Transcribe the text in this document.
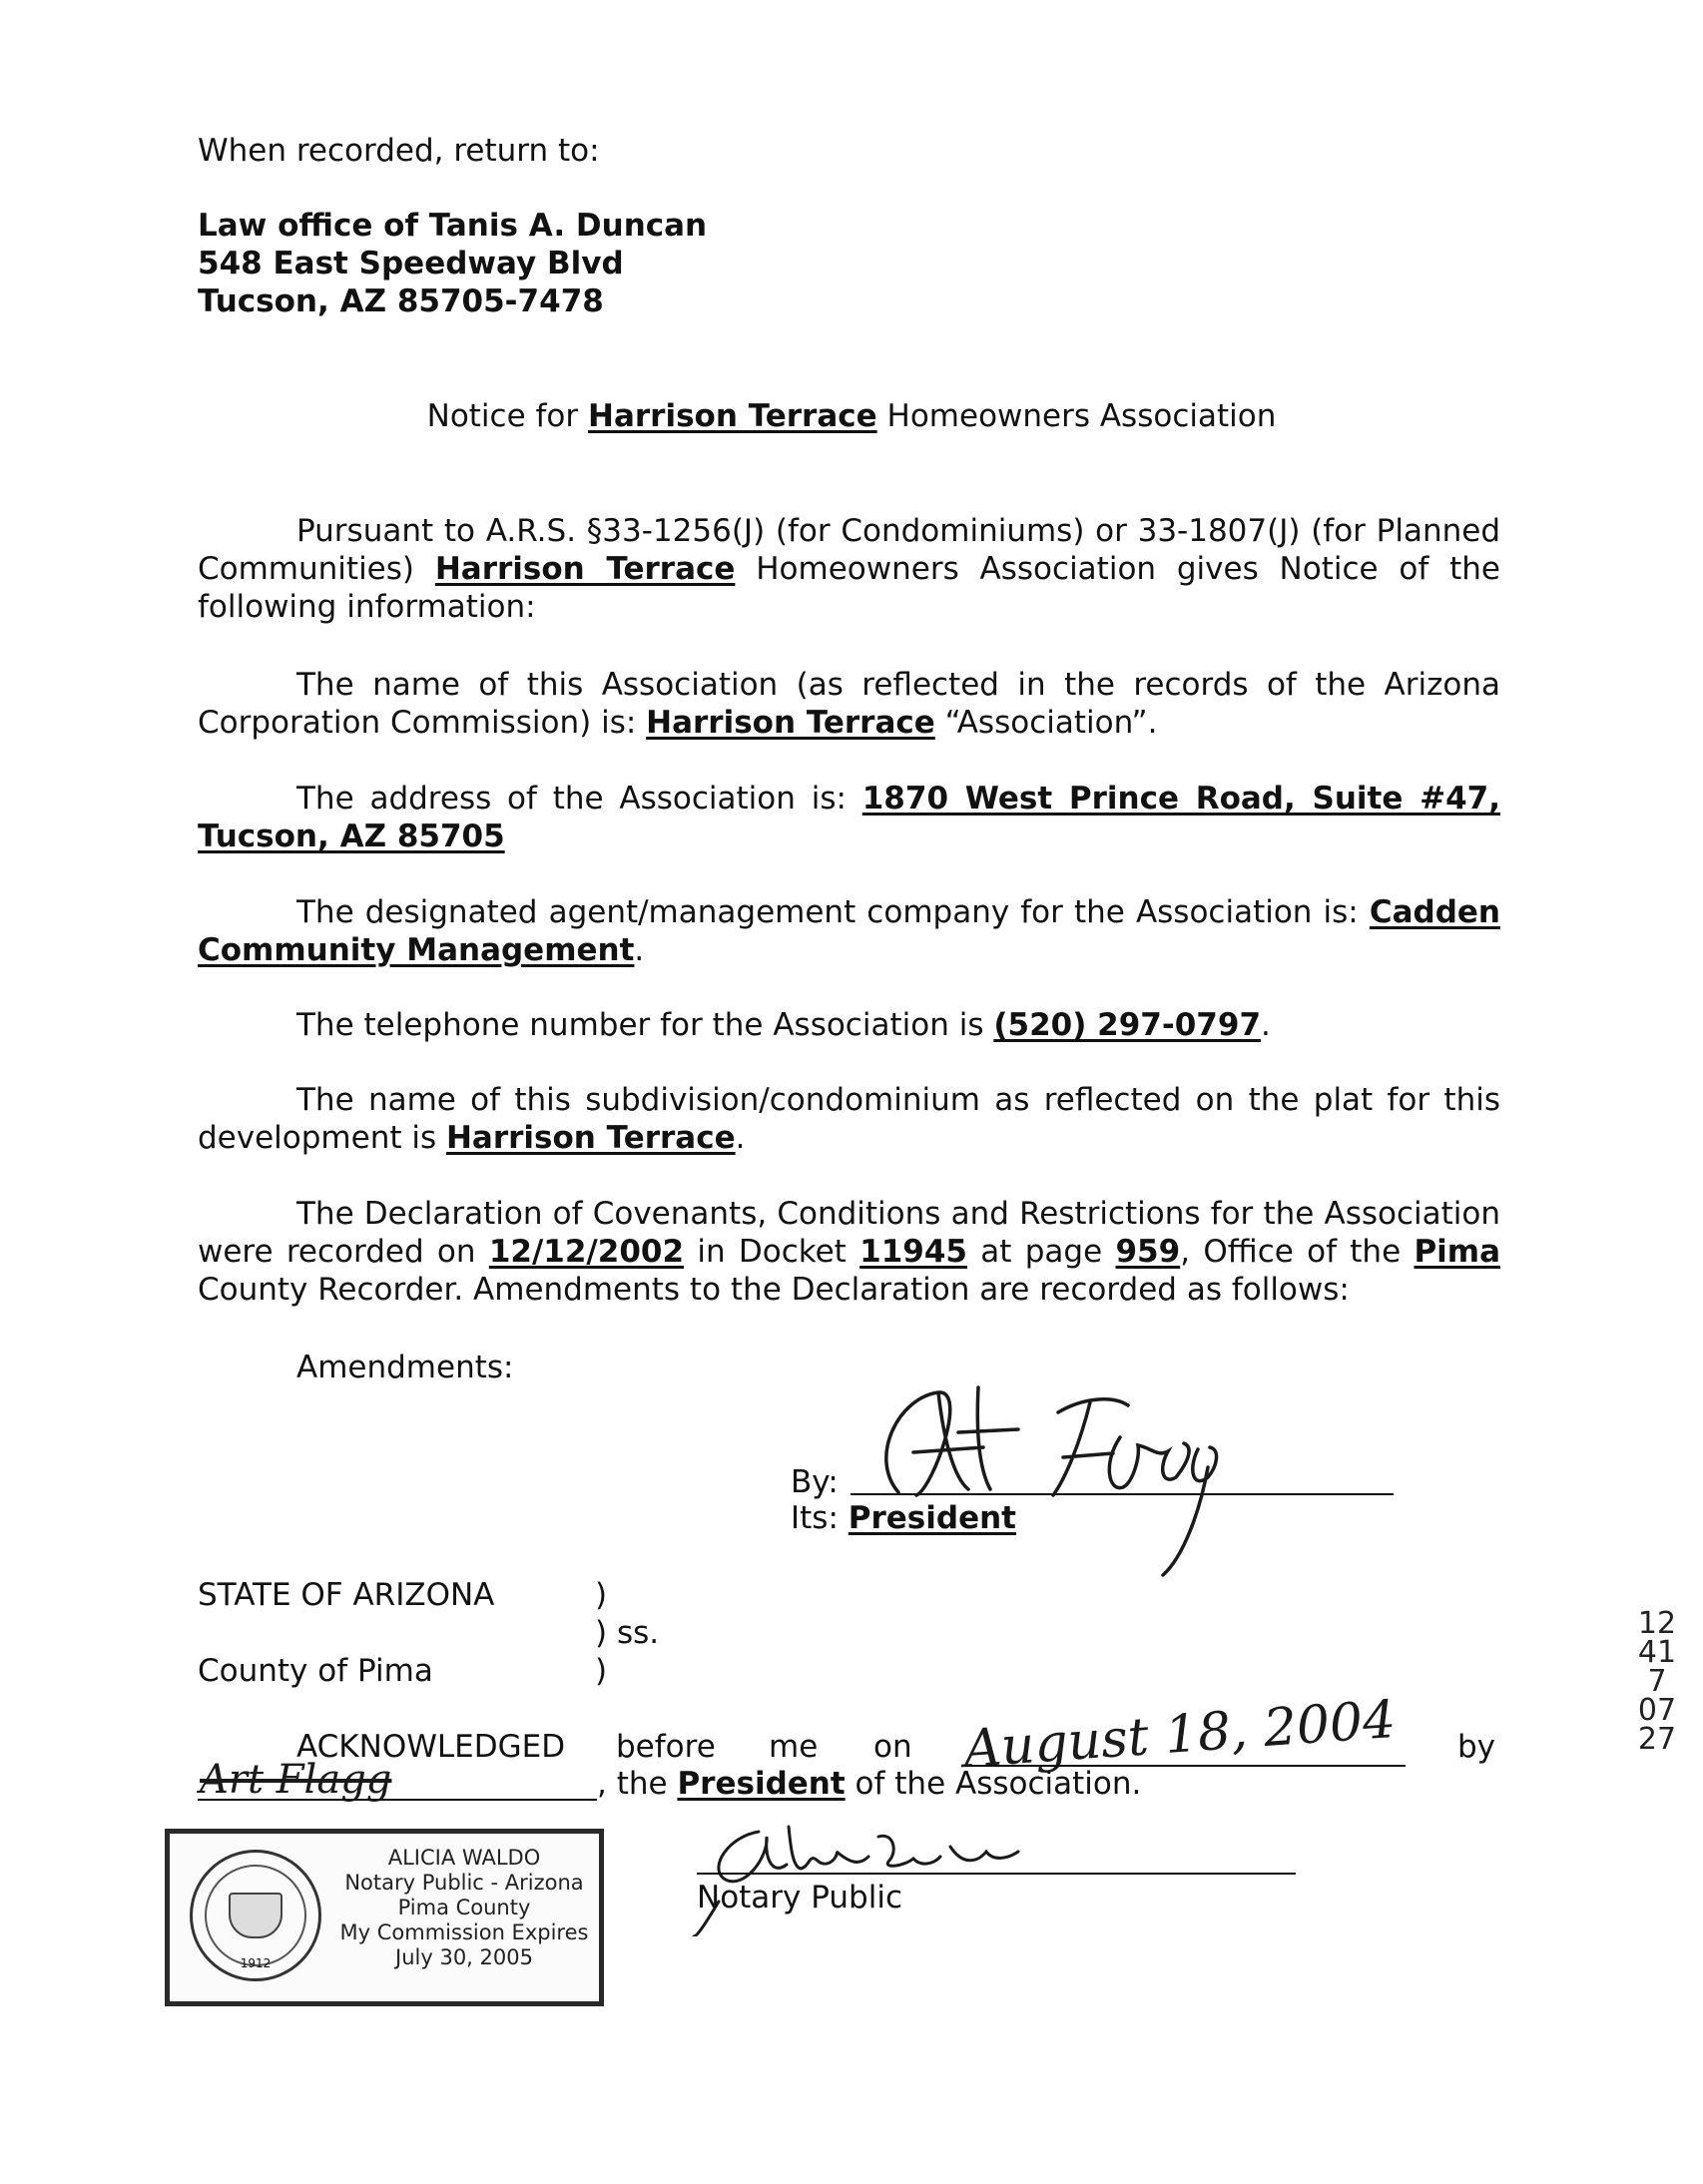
When recorded, return to:
Law office of Tanis A. Duncan
548 East Speedway Blvd
Tucson, AZ 85705-7478
Notice for Harrison Terrace Homeowners Association
Pursuant to A.R.S. §33-1256(J) (for Condominiums) or 33-1807(J) (for Planned Communities) Harrison Terrace Homeowners Association gives Notice of the following information:
The name of this Association (as reflected in the records of the Arizona Corporation Commission) is: Harrison Terrace “Association”.
The address of the Association is: 1870 West Prince Road, Suite #47, Tucson, AZ 85705
The designated agent/management company for the Association is: Cadden Community Management.
The telephone number for the Association is (520) 297-0797.
The name of this subdivision/condominium as reflected on the plat for this development is Harrison Terrace.
The Declaration of Covenants, Conditions and Restrictions for the Association were recorded on 12/12/2002 in Docket 11945 at page 959, Office of the Pima County Recorder. Amendments to the Declaration are recorded as follows:
Amendments:
By:
Its: President
STATE OF ARIZONA	)
) ss.
)
County of Pima
ACKNOWLEDGED before me on August 18, 2004 by
Art Flagg	, the President of the Association.
Notary Public
1912
ALICIA WALDO
Notary Public - Arizona
Pima County
My Commission Expires
July 30, 2005
12417 0727
